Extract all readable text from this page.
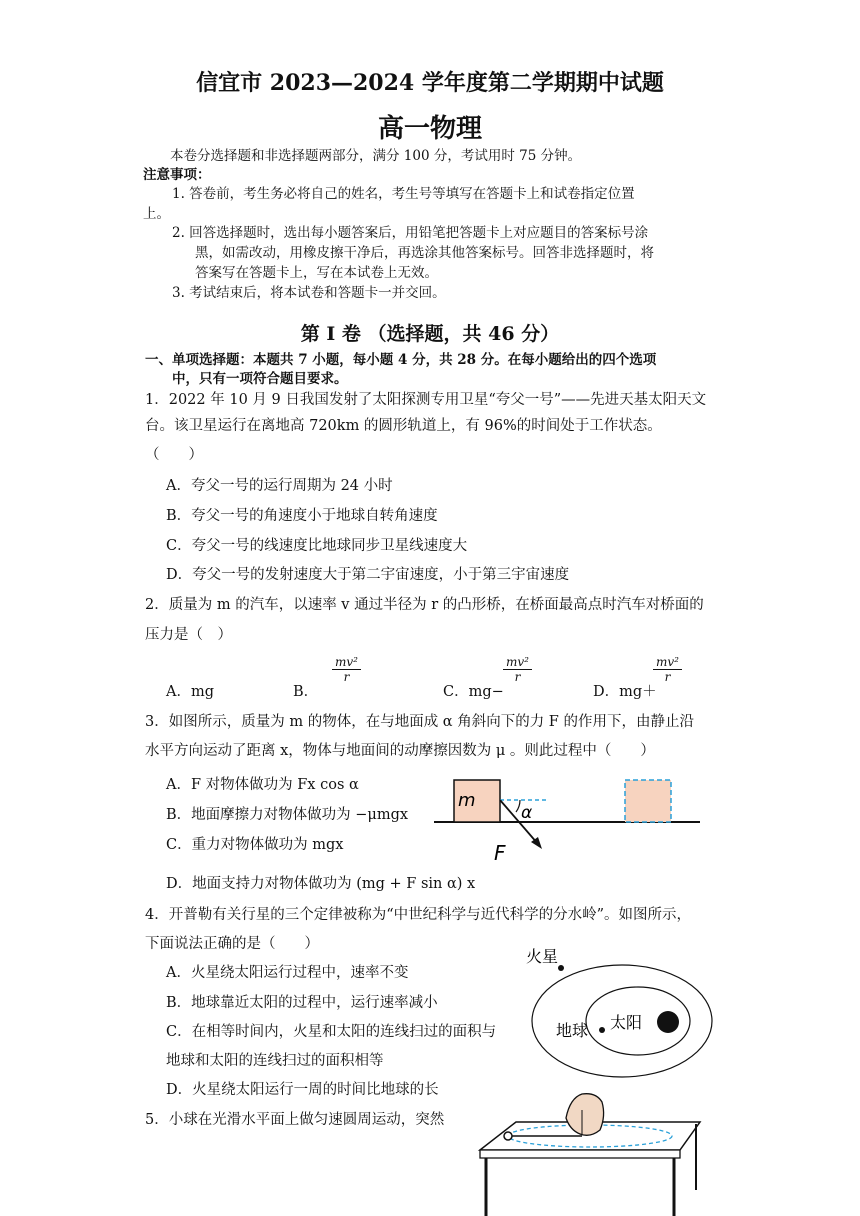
信宜市 2023—2024 学年度第二学期期中试题
高一物理
本卷分选择题和非选择题两部分，满分 100 分，考试用时 75 分钟。
注意事项：
1. 答卷前，考生务必将自己的姓名，考生号等填写在答题卡上和试卷指定位置
上。
2. 回答选择题时，选出每小题答案后，用铅笔把答题卡上对应题目的答案标号涂
黑，如需改动，用橡皮擦干净后，再选涂其他答案标号。回答非选择题时，将
答案写在答题卡上，写在本试卷上无效。
3. 考试结束后，将本试卷和答题卡一并交回。
第 I 卷 （选择题，共 46 分）
一、单项选择题：本题共 7 小题，每小题 4 分，共 28 分。在每小题给出的四个选项
中，只有一项符合题目要求。
1．2022 年 10 月 9 日我国发射了太阳探测专用卫星“夸父一号”——先进天基太阳天文
台。该卫星运行在离地高 720km 的圆形轨道上，有 96%的时间处于工作状态。
（　　）
A．夸父一号的运行周期为 24 小时
B．夸父一号的角速度小于地球自转角速度
C．夸父一号的线速度比地球同步卫星线速度大
D．夸父一号的发射速度大于第二宇宙速度，小于第三宇宙速度
2．质量为 m 的汽车，以速率 v 通过半径为 r 的凸形桥，在桥面最高点时汽车对桥面的
压力是（　）
A．mg	B．
$\frac{\text{mv²}}{r}$
C．mg−
$\frac{\text{mv²}}{r}$
D．mg＋
$\frac{\text{mv²}}{r}$
3．如图所示，质量为 m 的物体，在与地面成 α 角斜向下的力 F 的作用下，由静止沿
水平方向运动了距离 x，物体与地面间的动摩擦因数为 μ 。则此过程中（　　）
A．F 对物体做功为 Fx cos α
B．地面摩擦力对物体做功为 −μmgx
C．重力对物体做功为 mgx
D．地面支持力对物体做功为 (mg + F sin α) x
m
α
F
4．开普勒有关行星的三个定律被称为“中世纪科学与近代科学的分水岭”。如图所示，
下面说法正确的是（　　）
A．火星绕太阳运行过程中，速率不变
B．地球靠近太阳的过程中，运行速率减小
C．在相等时间内，火星和太阳的连线扫过的面积与
地球和太阳的连线扫过的面积相等
D．火星绕太阳运行一周的时间比地球的长
火星
地球 太阳
5．小球在光滑水平面上做匀速圆周运动，突然
